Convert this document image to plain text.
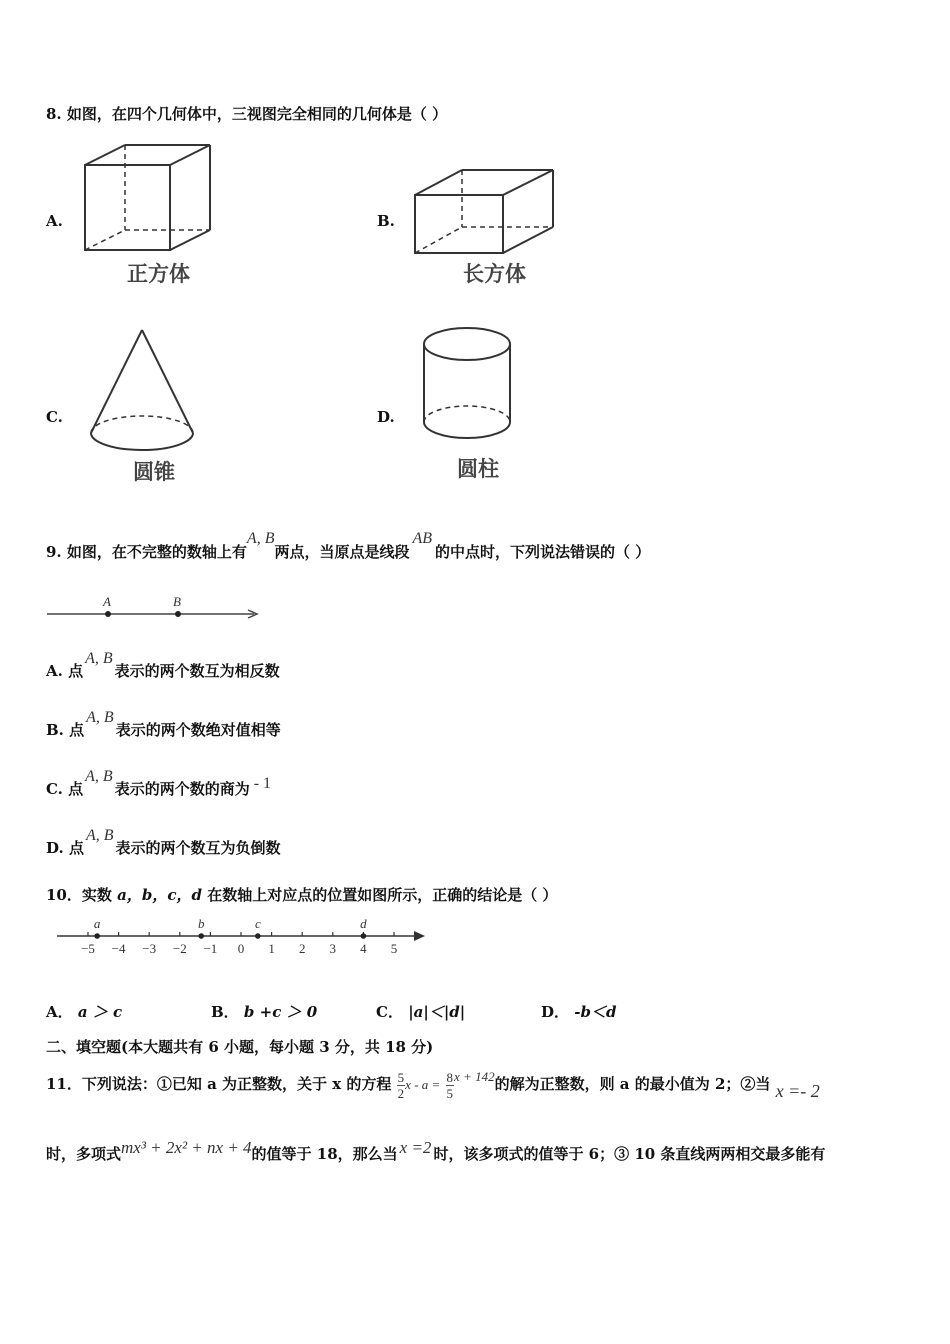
8. 如图，在四个几何体中，三视图完全相同的几何体是（ ）
A.
正方体
B.
长方体
C.
圆锥
D.
圆柱
9. 如图，在不完整的数轴上有A, B两点，当原点是线段AB的中点时，下列说法错误的（ ）
A	B
A. 点A, B表示的两个数互为相反数
B. 点A, B表示的两个数绝对值相等
C. 点A, B表示的两个数的商为 - 1
D. 点A, B表示的两个数互为负倒数
10．实数 a，b，c，d 在数轴上对应点的位置如图所示，正确的结论是（ ）
−5 −4 −3 −2 −1 0 1 2 3 4 5
a	b	c	d
A． a ＞ c	B． b +c ＞ 0	C． |a|＜|d|	D． -b＜d
二、填空题(本大题共有 6 小题，每小题 3 分，共 18 分)
11．下列说法：①已知 a 为正整数，关于 x 的方程 $\frac{5}{2}$ $x - a = \frac{8}{5}$ x + 142的解为正整数，则 a 的最小值为 2；②当 x =- 2
时，多项式mx³ + 2x² + nx + 4的值等于 18，那么当 x =2 时，该多项式的值等于 6；③ 10 条直线两两相交最多能有
